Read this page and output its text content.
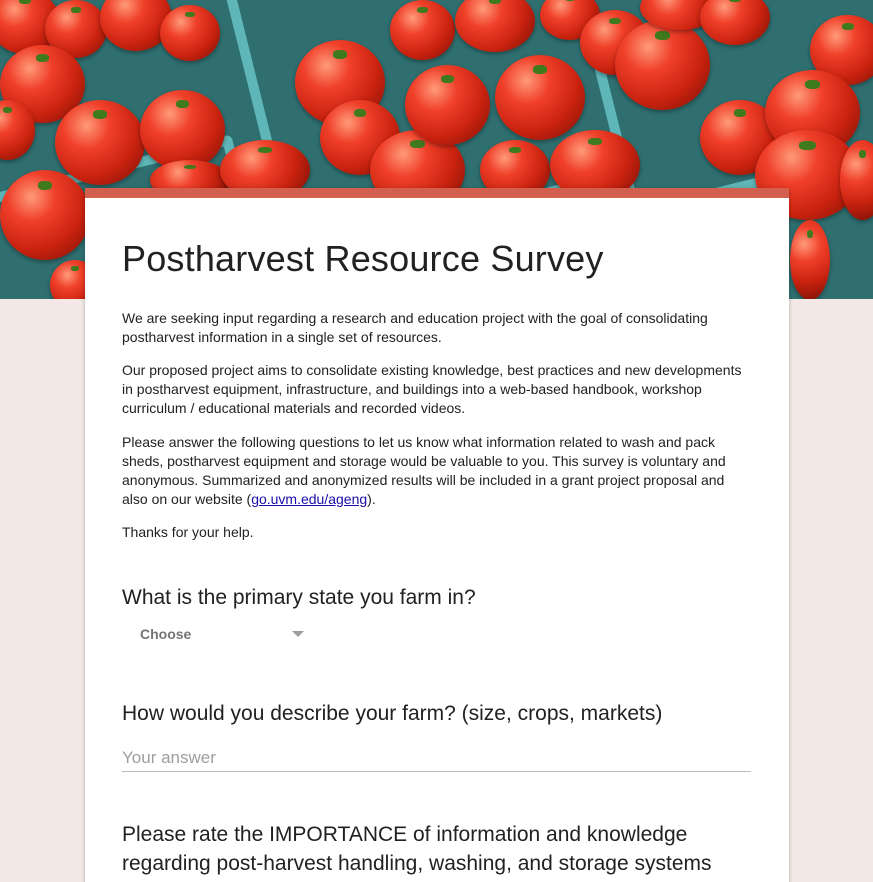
Postharvest Resource Survey

We are seeking input regarding a research and education project with the goal of consolidating postharvest information in a single set of resources.

Our proposed project aims to consolidate existing knowledge, best practices and new developments in postharvest equipment, infrastructure, and buildings into a web-based handbook, workshop curriculum / educational materials and recorded videos.

Please answer the following questions to let us know what information related to wash and pack sheds, postharvest equipment and storage would be valuable to you. This survey is voluntary and anonymous. Summarized and anonymized results will be included in a grant project proposal and also on our website (go.uvm.edu/ageng).

Thanks for your help.

What is the primary state you farm in?
Choose
How would you describe your farm? (size, crops, markets)
Your answer
Please rate the IMPORTANCE of information and knowledge regarding post-harvest handling, washing, and storage systems
